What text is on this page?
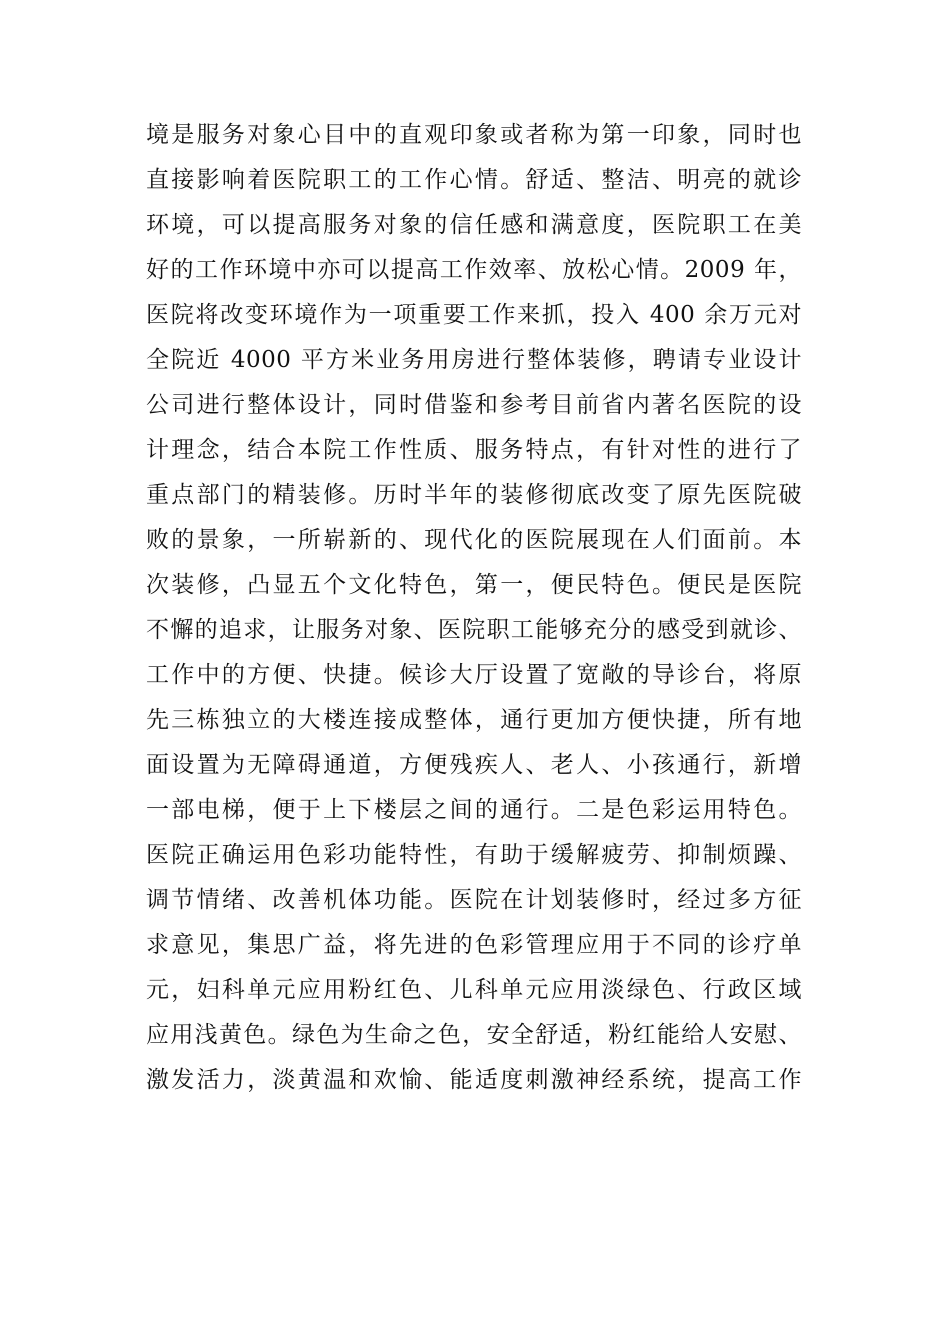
境是服务对象心目中的直观印象或者称为第一印象，同时也
直接影响着医院职工的工作心情。舒适、整洁、明亮的就诊
环境，可以提高服务对象的信任感和满意度，医院职工在美
好的工作环境中亦可以提高工作效率、放松心情。2009 年，
医院将改变环境作为一项重要工作来抓，投入 400 余万元对
全院近 4000 平方米业务用房进行整体装修，聘请专业设计
公司进行整体设计，同时借鉴和参考目前省内著名医院的设
计理念，结合本院工作性质、服务特点，有针对性的进行了
重点部门的精装修。历时半年的装修彻底改变了原先医院破
败的景象，一所崭新的、现代化的医院展现在人们面前。本
次装修，凸显五个文化特色，第一，便民特色。便民是医院
不懈的追求，让服务对象、医院职工能够充分的感受到就诊、
工作中的方便、快捷。候诊大厅设置了宽敞的导诊台，将原
先三栋独立的大楼连接成整体，通行更加方便快捷，所有地
面设置为无障碍通道，方便残疾人、老人、小孩通行，新增
一部电梯，便于上下楼层之间的通行。二是色彩运用特色。
医院正确运用色彩功能特性，有助于缓解疲劳、抑制烦躁、
调节情绪、改善机体功能。医院在计划装修时，经过多方征
求意见，集思广益，将先进的色彩管理应用于不同的诊疗单
元，妇科单元应用粉红色、儿科单元应用淡绿色、行政区域
应用浅黄色。绿色为生命之色，安全舒适，粉红能给人安慰、
激发活力，淡黄温和欢愉、能适度刺激神经系统，提高工作
